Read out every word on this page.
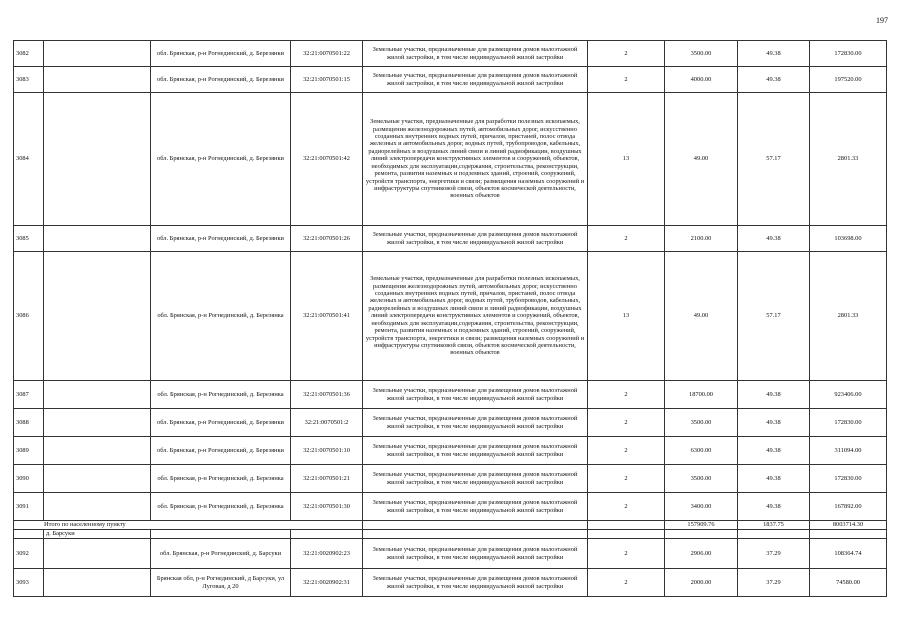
197
3082		обл. Брянская, р-н Рогнединский, д. Березянки	32:21:0070501:22	Земельные участки, предназначенные для размещения домов малоэтажной жилой застройки, в том числе индивидуальной жилой застройки	2	3500.00	49.38	172830.00
3083		обл. Брянская, р-н Рогнединский, д. Березянки	32:21:0070501:15	Земельные участки, предназначенные для размещения домов малоэтажной жилой застройки, в том числе индивидуальной жилой застройки	2	4000.00	49.38	197520.00
3084		обл. Брянская, р-н Рогнединский, д. Березянки	32:21:0070501:42	Земельные участки, предназначенные для разработки полезных ископаемых, размещения железнодорожных путей, автомобильных дорог, искусственно созданных внутренних водных путей, причалов, пристаней, полос отвода железных и автомобильных дорог, водных путей, трубопроводов, кабельных, радиорелейных и воздушных линий связи и линий радиофикации, воздушных линий электропередачи конструктивных элементов и сооружений, объектов, необходимых для эксплуатации,содержания, строительства, реконструкции, ремонта, развития наземных и подземных зданий, строений, сооружений, устройств транспорта, энергетики и связи; размещения наземных сооружений и инфраструктуры спутниковой связи, объектов космической деятельности, военных объектов	13	49.00	57.17	2801.33
3085		обл. Брянская, р-н Рогнединский, д. Березянки	32:21:0070501:26	Земельные участки, предназначенные для размещения домов малоэтажной жилой застройки, в том числе индивидуальной жилой застройки	2	2100.00	49.38	103698.00
3086		обл. Брянская, р-н Рогнединский, д. Березянка	32:21:0070501:41	Земельные участки, предназначенные для разработки полезных ископаемых, размещения железнодорожных путей, автомобильных дорог, искусственно созданных внутренних водных путей, причалов, пристаней, полос отвода железных и автомобильных дорог, водных путей, трубопроводов, кабельных, радиорелейных и воздушных линий связи и линий радиофикации, воздушных линий электропередачи конструктивных элементов и сооружений, объектов, необходимых для эксплуатации,содержания, строительства, реконструкции, ремонта, развития наземных и подземных зданий, строений, сооружений, устройств транспорта, энергетики и связи; размещения наземных сооружений и инфраструктуры спутниковой связи, объектов космической деятельности, военных объектов	13	49.00	57.17	2801.33
3087		обл. Брянская, р-н Рогнединский, д. Березянка	32:21:0070501:36	Земельные участки, предназначенные для размещения домов малоэтажной жилой застройки, в том числе индивидуальной жилой застройки	2	18700.00	49.38	923406.00
3088		обл. Брянская, р-н Рогнединский, д. Березянки	32:21:0070501:2	Земельные участки, предназначенные для размещения домов малоэтажной жилой застройки, в том числе индивидуальной жилой застройки	2	3500.00	49.38	172830.00
3089		обл. Брянская, р-н Рогнединский, д. Березянки	32:21:0070501:10	Земельные участки, предназначенные для размещения домов малоэтажной жилой застройки, в том числе индивидуальной жилой застройки	2	6300.00	49.38	311094.00
3090		обл. Брянская, р-н Рогнединский, д. Березянка	32:21:0070501:21	Земельные участки, предназначенные для размещения домов малоэтажной жилой застройки, в том числе индивидуальной жилой застройки	2	3500.00	49.38	172830.00
3091		обл. Брянская, р-н Рогнединский, д. Березянка	32:21:0070501:30	Земельные участки, предназначенные для размещения домов малоэтажной жилой застройки, в том числе индивидуальной жилой застройки	2	3400.00	49.38	167892.00
Итого по населенному пункту						157909.76	1837.75	8003714.30
	д. Барсуки							
3092		обл. Брянская, р-н Рогнединский, д. Барсуки	32:21:0020902:23	Земельные участки, предназначенные для размещения домов малоэтажной жилой застройки, в том числе индивидуальной жилой застройки	2	2906.00	37.29	108364.74
3093		Брянская обл, р-н Рогнединский, д Барсуки, ул Луговая, д 20	32:21:0020902:31	Земельные участки, предназначенные для размещения домов малоэтажной жилой застройки, в том числе индивидуальной жилой застройки	2	2000.00	37.29	74580.00
